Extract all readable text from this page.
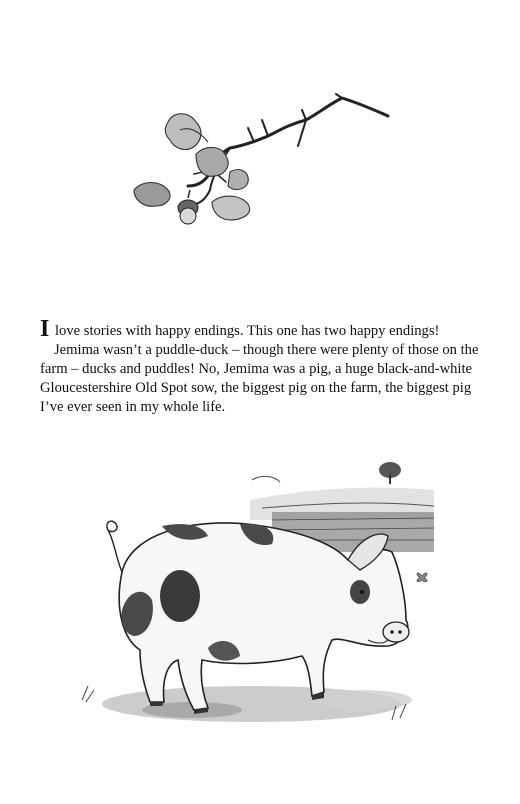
I love stories with happy endings. This one has two happy endings!

Jemima wasn’t a puddle-duck – though there were plenty of those on the farm – ducks and puddles! No, Jemima was a pig, a huge black-and-white Gloucestershire Old Spot sow, the biggest pig on the farm, the biggest pig I’ve ever seen in my whole life.
